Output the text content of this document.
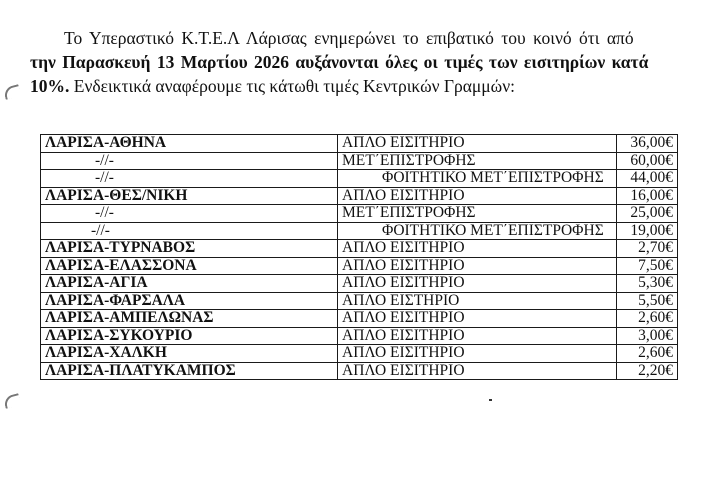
Το Υπεραστικό Κ.Τ.Ε.Λ Λάρισας ενημερώνει το επιβατικό του κοινό ότι από
την Παρασκευή 13 Μαρτίου 2026 αυξάνονται όλες οι τιμές των εισιτηρίων κατά
10%. Ενδεικτικά αναφέρουμε τις κάτωθι τιμές Κεντρικών Γραμμών:
ΛΑΡΙΣΑ-ΑΘΗΝΑ	ΑΠΛΟ ΕΙΣΙΤΗΡΙΟ	36,00€
-//-	ΜΕΤ΄ΕΠΙΣΤΡΟΦΗΣ	60,00€
-//-	ΦΟΙΤΗΤΙΚΟ ΜΕΤ΄ΕΠΙΣΤΡΟΦΗΣ	44,00€
ΛΑΡΙΣΑ-ΘΕΣ/ΝΙΚΗ	ΑΠΛΟ ΕΙΣΙΤΗΡΙΟ	16,00€
-//-	ΜΕΤ΄ΕΠΙΣΤΡΟΦΗΣ	25,00€
-//-	ΦΟΙΤΗΤΙΚΟ ΜΕΤ΄ΕΠΙΣΤΡΟΦΗΣ	19,00€
ΛΑΡΙΣΑ-ΤΥΡΝΑΒΟΣ	ΑΠΛΟ ΕΙΣΙΤΗΡΙΟ	2,70€
ΛΑΡΙΣΑ-ΕΛΑΣΣΟΝΑ	ΑΠΛΟ ΕΙΣΙΤΗΡΙΟ	7,50€
ΛΑΡΙΣΑ-ΑΓΙΑ	ΑΠΛΟ ΕΙΣΙΤΗΡΙΟ	5,30€
ΛΑΡΙΣΑ-ΦΑΡΣΑΛΑ	ΑΠΛΟ ΕΙΣΤΗΡΙΟ	5,50€
ΛΑΡΙΣΑ-ΑΜΠΕΛΩΝΑΣ	ΑΠΛΟ ΕΙΣΙΤΗΡΙΟ	2,60€
ΛΑΡΙΣΑ-ΣΥΚΟΥΡΙΟ	ΑΠΛΟ ΕΙΣΙΤΗΡΙΟ	3,00€
ΛΑΡΙΣΑ-ΧΑΛΚΗ	ΑΠΛΟ ΕΙΣΙΤΗΡΙΟ	2,60€
ΛΑΡΙΣΑ-ΠΛΑΤΥΚΑΜΠΟΣ	ΑΠΛΟ ΕΙΣΙΤΗΡΙΟ	2,20€
